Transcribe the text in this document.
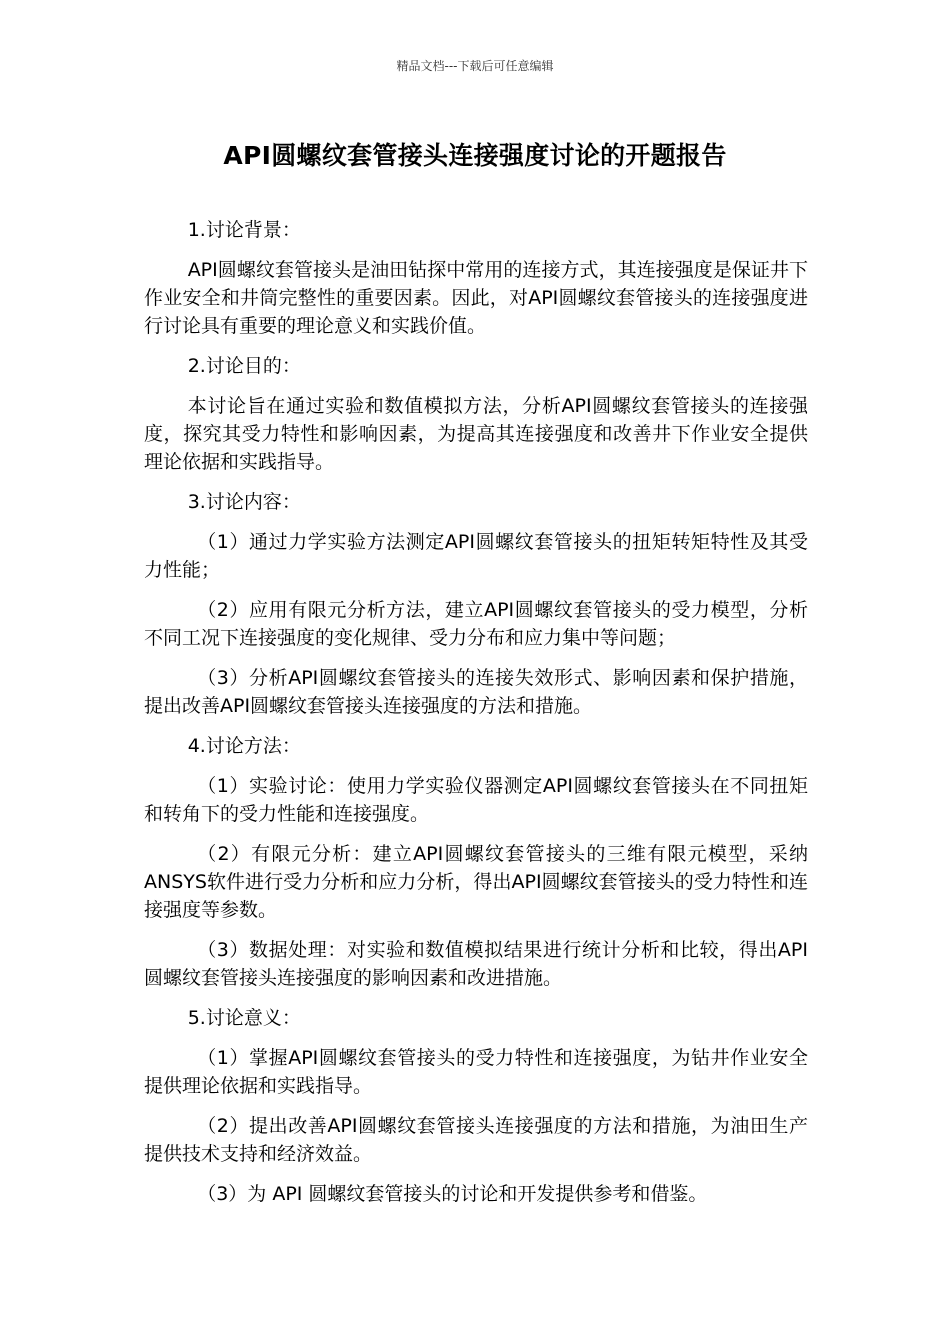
精品文档---下载后可任意编辑
API圆螺纹套管接头连接强度讨论的开题报告
1.讨论背景：
API圆螺纹套管接头是油田钻探中常用的连接方式，其连接强度是保证井下作业安全和井筒完整性的重要因素。因此，对API圆螺纹套管接头的连接强度进行讨论具有重要的理论意义和实践价值。
2.讨论目的：
本讨论旨在通过实验和数值模拟方法，分析API圆螺纹套管接头的连接强度，探究其受力特性和影响因素，为提高其连接强度和改善井下作业安全提供理论依据和实践指导。
3.讨论内容：
（1）通过力学实验方法测定API圆螺纹套管接头的扭矩转矩特性及其受力性能；
（2）应用有限元分析方法，建立API圆螺纹套管接头的受力模型，分析不同工况下连接强度的变化规律、受力分布和应力集中等问题；
（3）分析API圆螺纹套管接头的连接失效形式、影响因素和保护措施，提出改善API圆螺纹套管接头连接强度的方法和措施。
4.讨论方法：
（1）实验讨论：使用力学实验仪器测定API圆螺纹套管接头在不同扭矩和转角下的受力性能和连接强度。
（2）有限元分析：建立API圆螺纹套管接头的三维有限元模型，采纳ANSYS软件进行受力分析和应力分析，得出API圆螺纹套管接头的受力特性和连接强度等参数。
（3）数据处理：对实验和数值模拟结果进行统计分析和比较，得出API圆螺纹套管接头连接强度的影响因素和改进措施。
5.讨论意义：
（1）掌握API圆螺纹套管接头的受力特性和连接强度，为钻井作业安全提供理论依据和实践指导。
（2）提出改善API圆螺纹套管接头连接强度的方法和措施，为油田生产提供技术支持和经济效益。
（3）为 API 圆螺纹套管接头的讨论和开发提供参考和借鉴。
